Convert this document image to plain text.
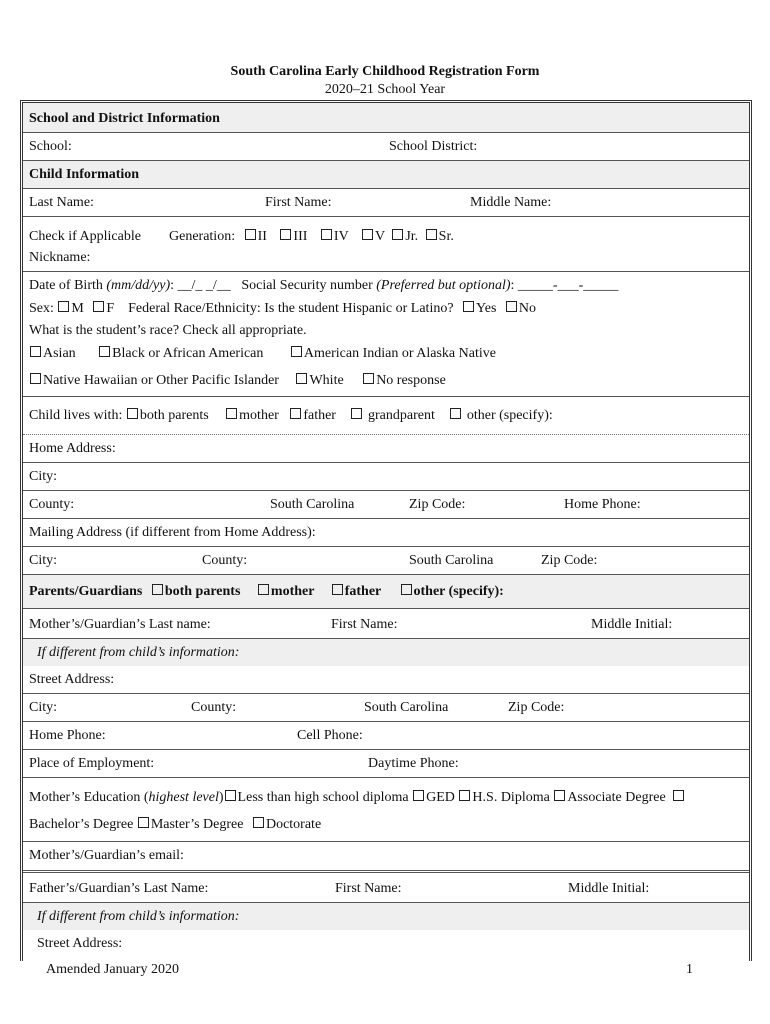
South Carolina Early Childhood Registration Form
2020–21 School Year
School and District Information
School:	School District:
Child Information
Last Name:	First Name:	Middle Name:
Check if Applicable Generation: II III IV V Jr. Sr.
Nickname:
Date of Birth (mm/dd/yy): __/_ _/__ Social Security number (Preferred but optional): _____-___-_____
Sex: M F Federal Race/Ethnicity: Is the student Hispanic or Latino? Yes No
What is the student’s race? Check all appropriate.
Asian	Black or African American	American Indian or Alaska Native
Native Hawaiian or Other Pacific Islander White No response
Child lives with: both parents mother father grandparent other (specify):
Home Address:
City:
County:	South Carolina	Zip Code:	Home Phone:
Mailing Address (if different from Home Address):
City:	County:	South Carolina	Zip Code:
Parents/Guardians both parents mother father other (specify):
Mother’s/Guardian’s Last name:	First Name:	Middle Initial:
If different from child’s information:
Street Address:
City:	County:	South Carolina	Zip Code:
Home Phone:	Cell Phone:
Place of Employment:	Daytime Phone:
Mother’s Education (highest level) Less than high school diploma GED H.S. Diploma Associate Degree
Bachelor’s Degree Master’s Degree Doctorate
Mother’s/Guardian’s email:
Father’s/Guardian’s Last Name:	First Name:	Middle Initial:
If different from child’s information:
Street Address:
Amended January 2020	1
